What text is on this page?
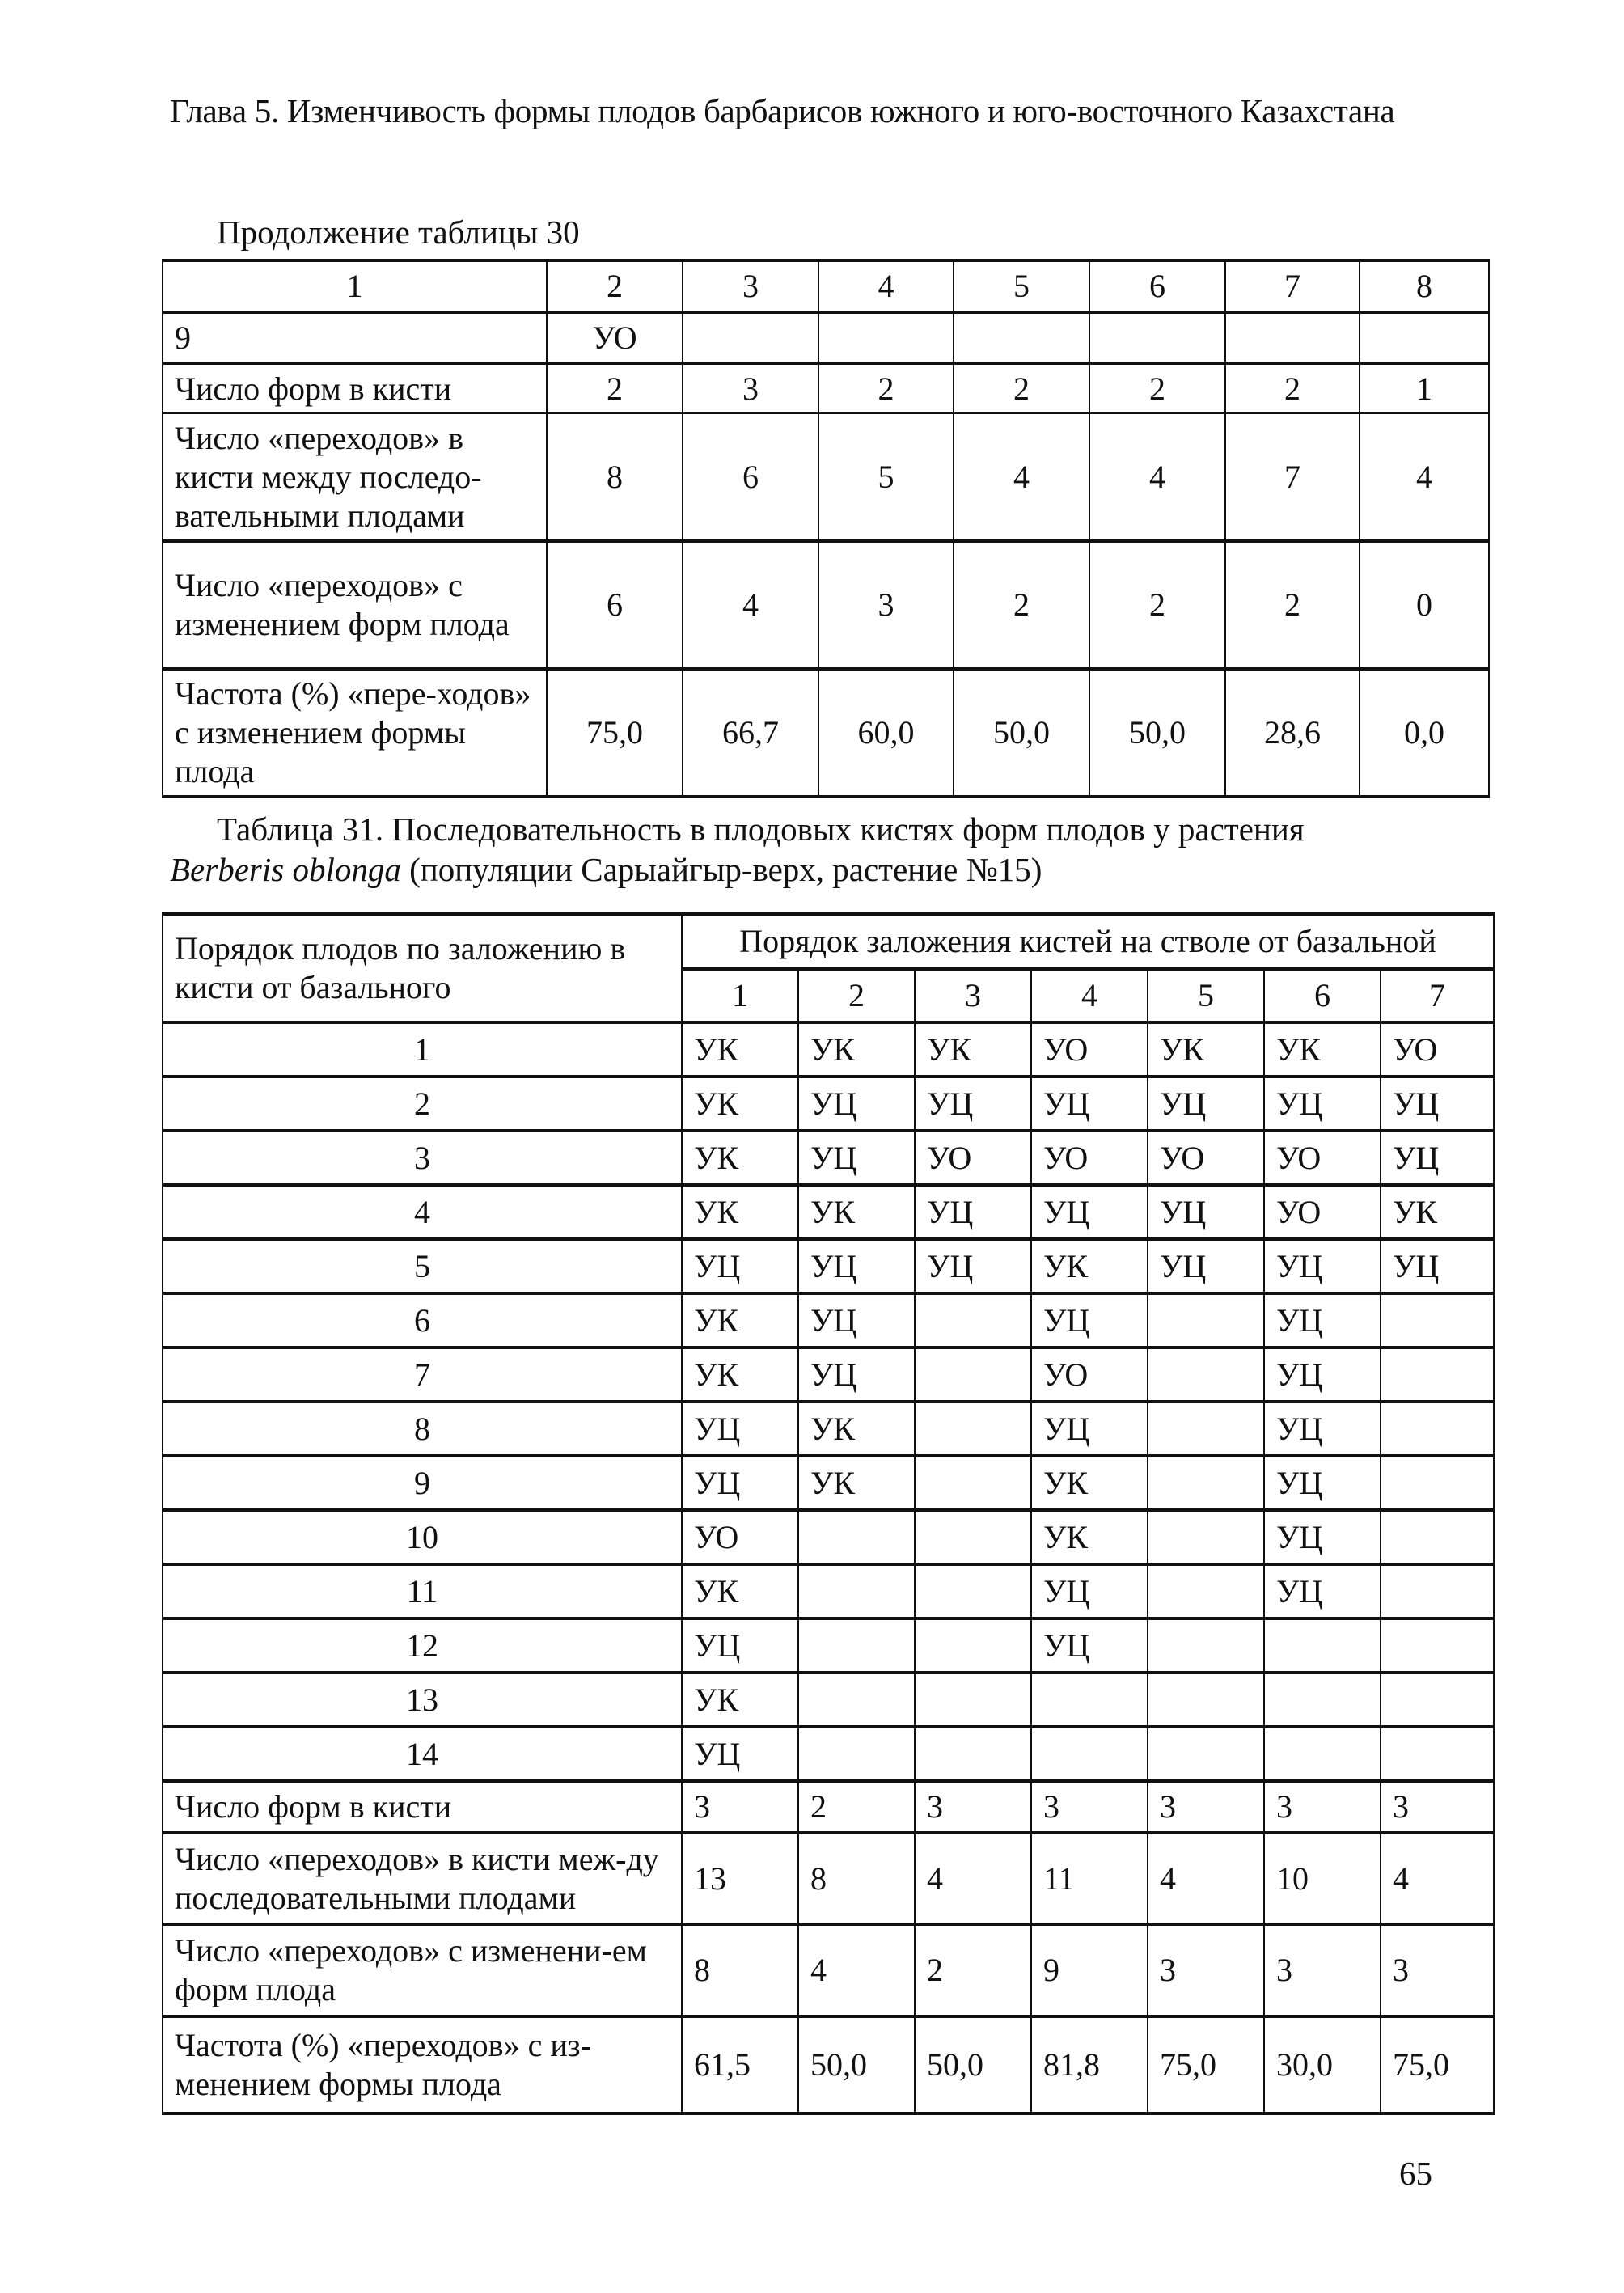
Глава 5. Изменчивость формы плодов барбарисов южного и юго-восточного Казахстана
Продолжение таблицы 30
1	2	3	4	5	6	7	8
9	УО						
Число форм в кисти	2	3	2	2	2	2	1
Число «переходов» в кисти между последо-вательными плодами	8	6	5	4	4	7	4
Число «переходов» с изменением форм плода	6	4	3	2	2	2	0
Частота (%) «пере-ходов» с изменением формы плода	75,0	66,7	60,0	50,0	50,0	28,6	0,0
Таблица 31. Последовательность в плодовых кистях форм плодов у растения
Berberis oblonga (популяции Сарыайгыр-верх, растение №15)
Порядок плодов по заложению в кисти от базального	Порядок заложения кистей на стволе от базальной						
	1	2	3	4	5	6	7
1	УК	УК	УК	УО	УК	УК	УО
2	УК	УЦ	УЦ	УЦ	УЦ	УЦ	УЦ
3	УК	УЦ	УО	УО	УО	УО	УЦ
4	УК	УК	УЦ	УЦ	УЦ	УО	УК
5	УЦ	УЦ	УЦ	УК	УЦ	УЦ	УЦ
6	УК	УЦ		УЦ		УЦ	
7	УК	УЦ		УО		УЦ	
8	УЦ	УК		УЦ		УЦ	
9	УЦ	УК		УК		УЦ	
10	УО			УК		УЦ	
11	УК			УЦ		УЦ	
12	УЦ			УЦ			
13	УК						
14	УЦ						
Число форм в кисти	3	2	3	3	3	3	3
Число «переходов» в кисти меж-ду последовательными плодами	13	8	4	11	4	10	4
Число «переходов» с изменени-ем форм плода	8	4	2	9	3	3	3
Частота (%) «переходов» с из-менением формы плода	61,5	50,0	50,0	81,8	75,0	30,0	75,0
65
